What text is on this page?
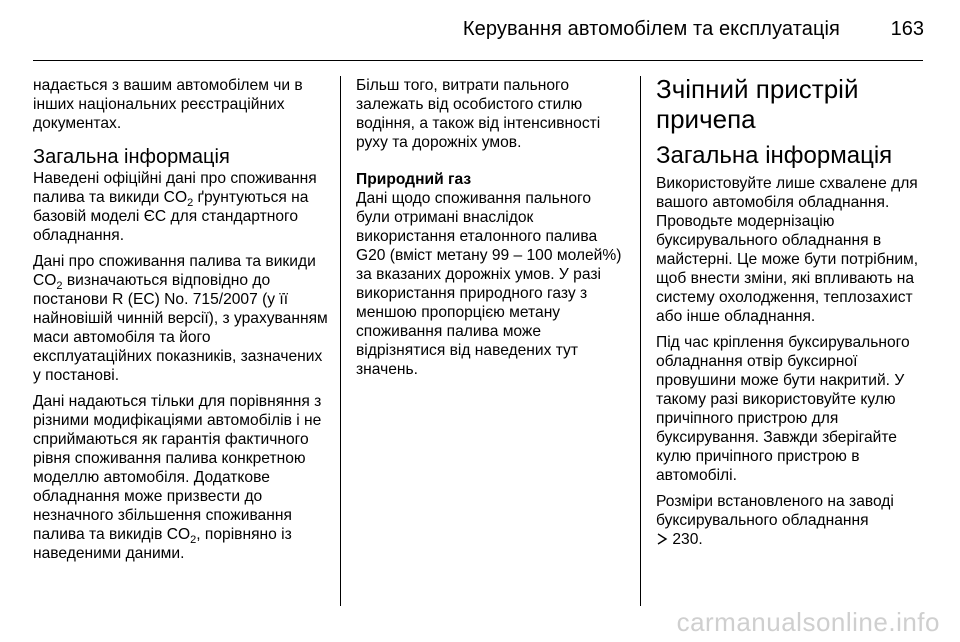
Керування автомобілем та експлуатація	163

надається з вашим автомобілем чи в інших національних реєстраційних документах.

Загальна інформація

Наведені офіційні дані про споживання палива та викиди $CO_2$ ґрунтуються на базовій моделі ЄС для стандартного обладнання.

Дані про споживання палива та викиди $CO_2$ визначаються відповідно до постанови R (EC) No. 715/2007 (у її найновішій чинній версії), з урахуванням маси автомобіля та його експлуатаційних показників, зазначених у постанові.

Дані надаються тільки для порівняння з різними модифікаціями автомобілів і не сприймаються як гарантія фактичного рівня споживання палива конкретною моделлю автомобіля. Додаткове обладнання може призвести до незначного збільшення споживання палива та викидів $CO_2$, порівняно із наведеними даними.

Більш того, витрати пального залежать від особистого стилю водіння, а також від інтенсивності руху та дорожніх умов.

Природний газ

Дані щодо споживання пального були отримані внаслідок використання еталонного палива G20 (вміст метану 99 – 100 молей%) за вказаних дорожніх умов. У разі використання природного газу з меншою пропорцією метану споживання палива може відрізнятися від наведених тут значень.

Зчіпний пристрій причепа
Загальна інформація

Використовуйте лише схвалене для вашого автомобіля обладнання. Проводьте модернізацію буксирувального обладнання в майстерні. Це може бути потрібним, щоб внести зміни, які впливають на систему охолодження, теплозахист або інше обладнання.

Під час кріплення буксирувального обладнання отвір буксирної провушини може бути накритий. У такому разі використовуйте кулю причіпного пристрою для буксирування. Завжди зберігайте кулю причіпного пристрою в автомобілі.

Розміри встановленого на заводі буксирувального обладнання
230.

carmanualsonline.info
